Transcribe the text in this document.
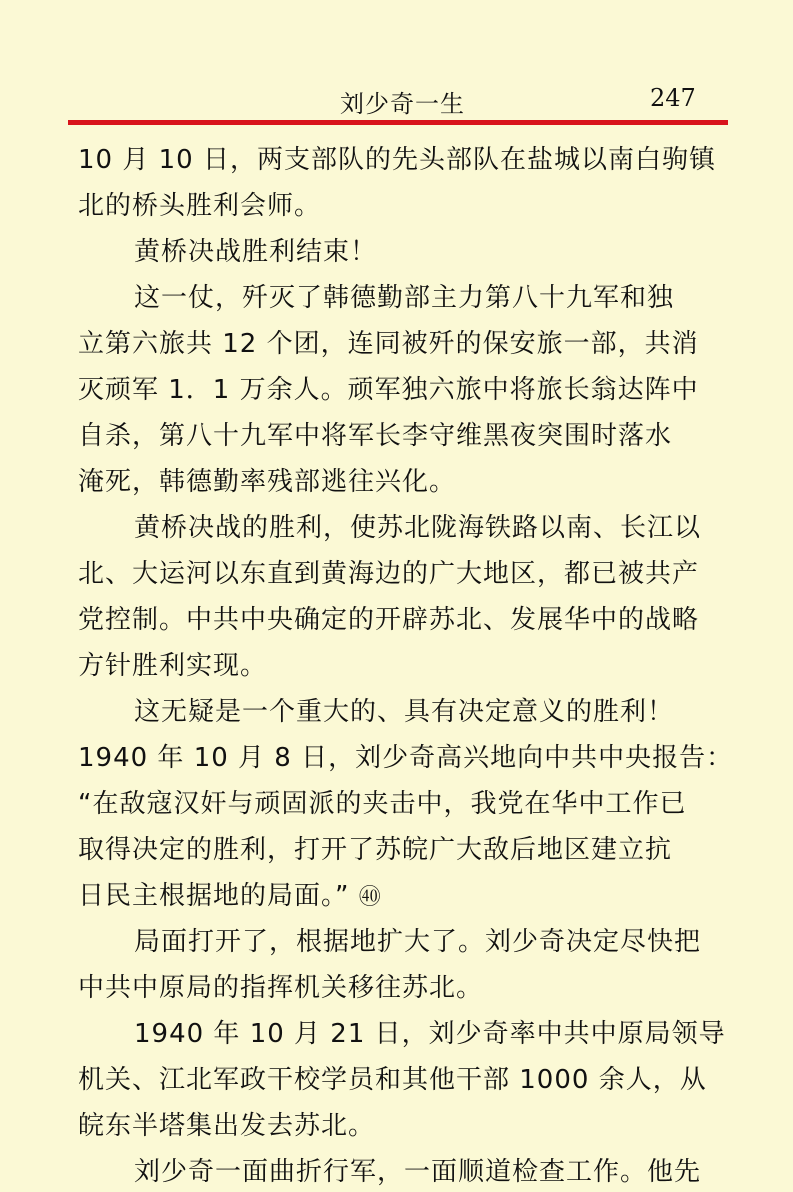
刘少奇一生	247
10 月 10 日，两支部队的先头部队在盐城以南白驹镇
北的桥头胜利会师。
黄桥决战胜利结束！
这一仗，歼灭了韩德勤部主力第八十九军和独
立第六旅共 12 个团，连同被歼的保安旅一部，共消
灭顽军 1．1 万余人。顽军独六旅中将旅长翁达阵中
自杀，第八十九军中将军长李守维黑夜突围时落水
淹死，韩德勤率残部逃往兴化。
黄桥决战的胜利，使苏北陇海铁路以南、长江以
北、大运河以东直到黄海边的广大地区，都已被共产
党控制。中共中央确定的开辟苏北、发展华中的战略
方针胜利实现。
这无疑是一个重大的、具有决定意义的胜利！
1940 年 10 月 8 日，刘少奇高兴地向中共中央报告：
“在敌寇汉奸与顽固派的夹击中，我党在华中工作已
取得决定的胜利，打开了苏皖广大敌后地区建立抗
日民主根据地的局面。” ㊵
局面打开了，根据地扩大了。刘少奇决定尽快把
中共中原局的指挥机关移往苏北。
1940 年 10 月 21 日，刘少奇率中共中原局领导
机关、江北军政干校学员和其他干部 1000 余人，从
皖东半塔集出发去苏北。
刘少奇一面曲折行军，一面顺道检查工作。他先
